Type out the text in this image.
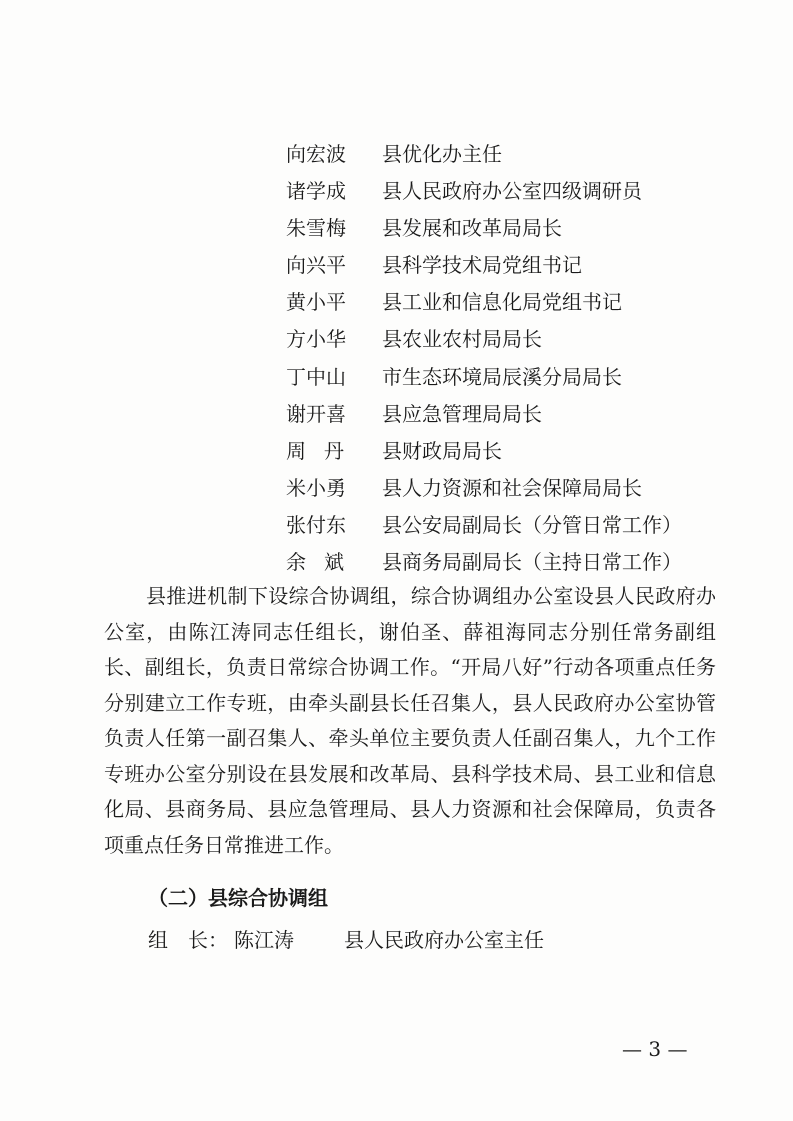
向宏波	县优化办主任
诸学成	县人民政府办公室四级调研员
朱雪梅	县发展和改革局局长
向兴平	县科学技术局党组书记
黄小平	县工业和信息化局党组书记
方小华	县农业农村局局长
丁中山	市生态环境局辰溪分局局长
谢开喜	县应急管理局局长
周丹 县财政局局长
米小勇	县人力资源和社会保障局局长
张付东	县公安局副局长（分管日常工作）
余斌 县商务局副局长（主持日常工作）

县推进机制下设综合协调组，综合协调组办公室设县人民政府办公室，由陈江涛同志任组长，谢伯圣、薛祖海同志分别任常务副组长、副组长，负责日常综合协调工作。“开局八好”行动各项重点任务分别建立工作专班，由牵头副县长任召集人，县人民政府办公室协管负责人任第一副召集人、牵头单位主要负责人任副召集人，九个工作专班办公室分别设在县发展和改革局、县科学技术局、县工业和信息化局、县商务局、县应急管理局、县人力资源和社会保障局，负责各项重点任务日常推进工作。

（二）县综合协调组

组　长： 陈江涛	县人民政府办公室主任
— 3 —
